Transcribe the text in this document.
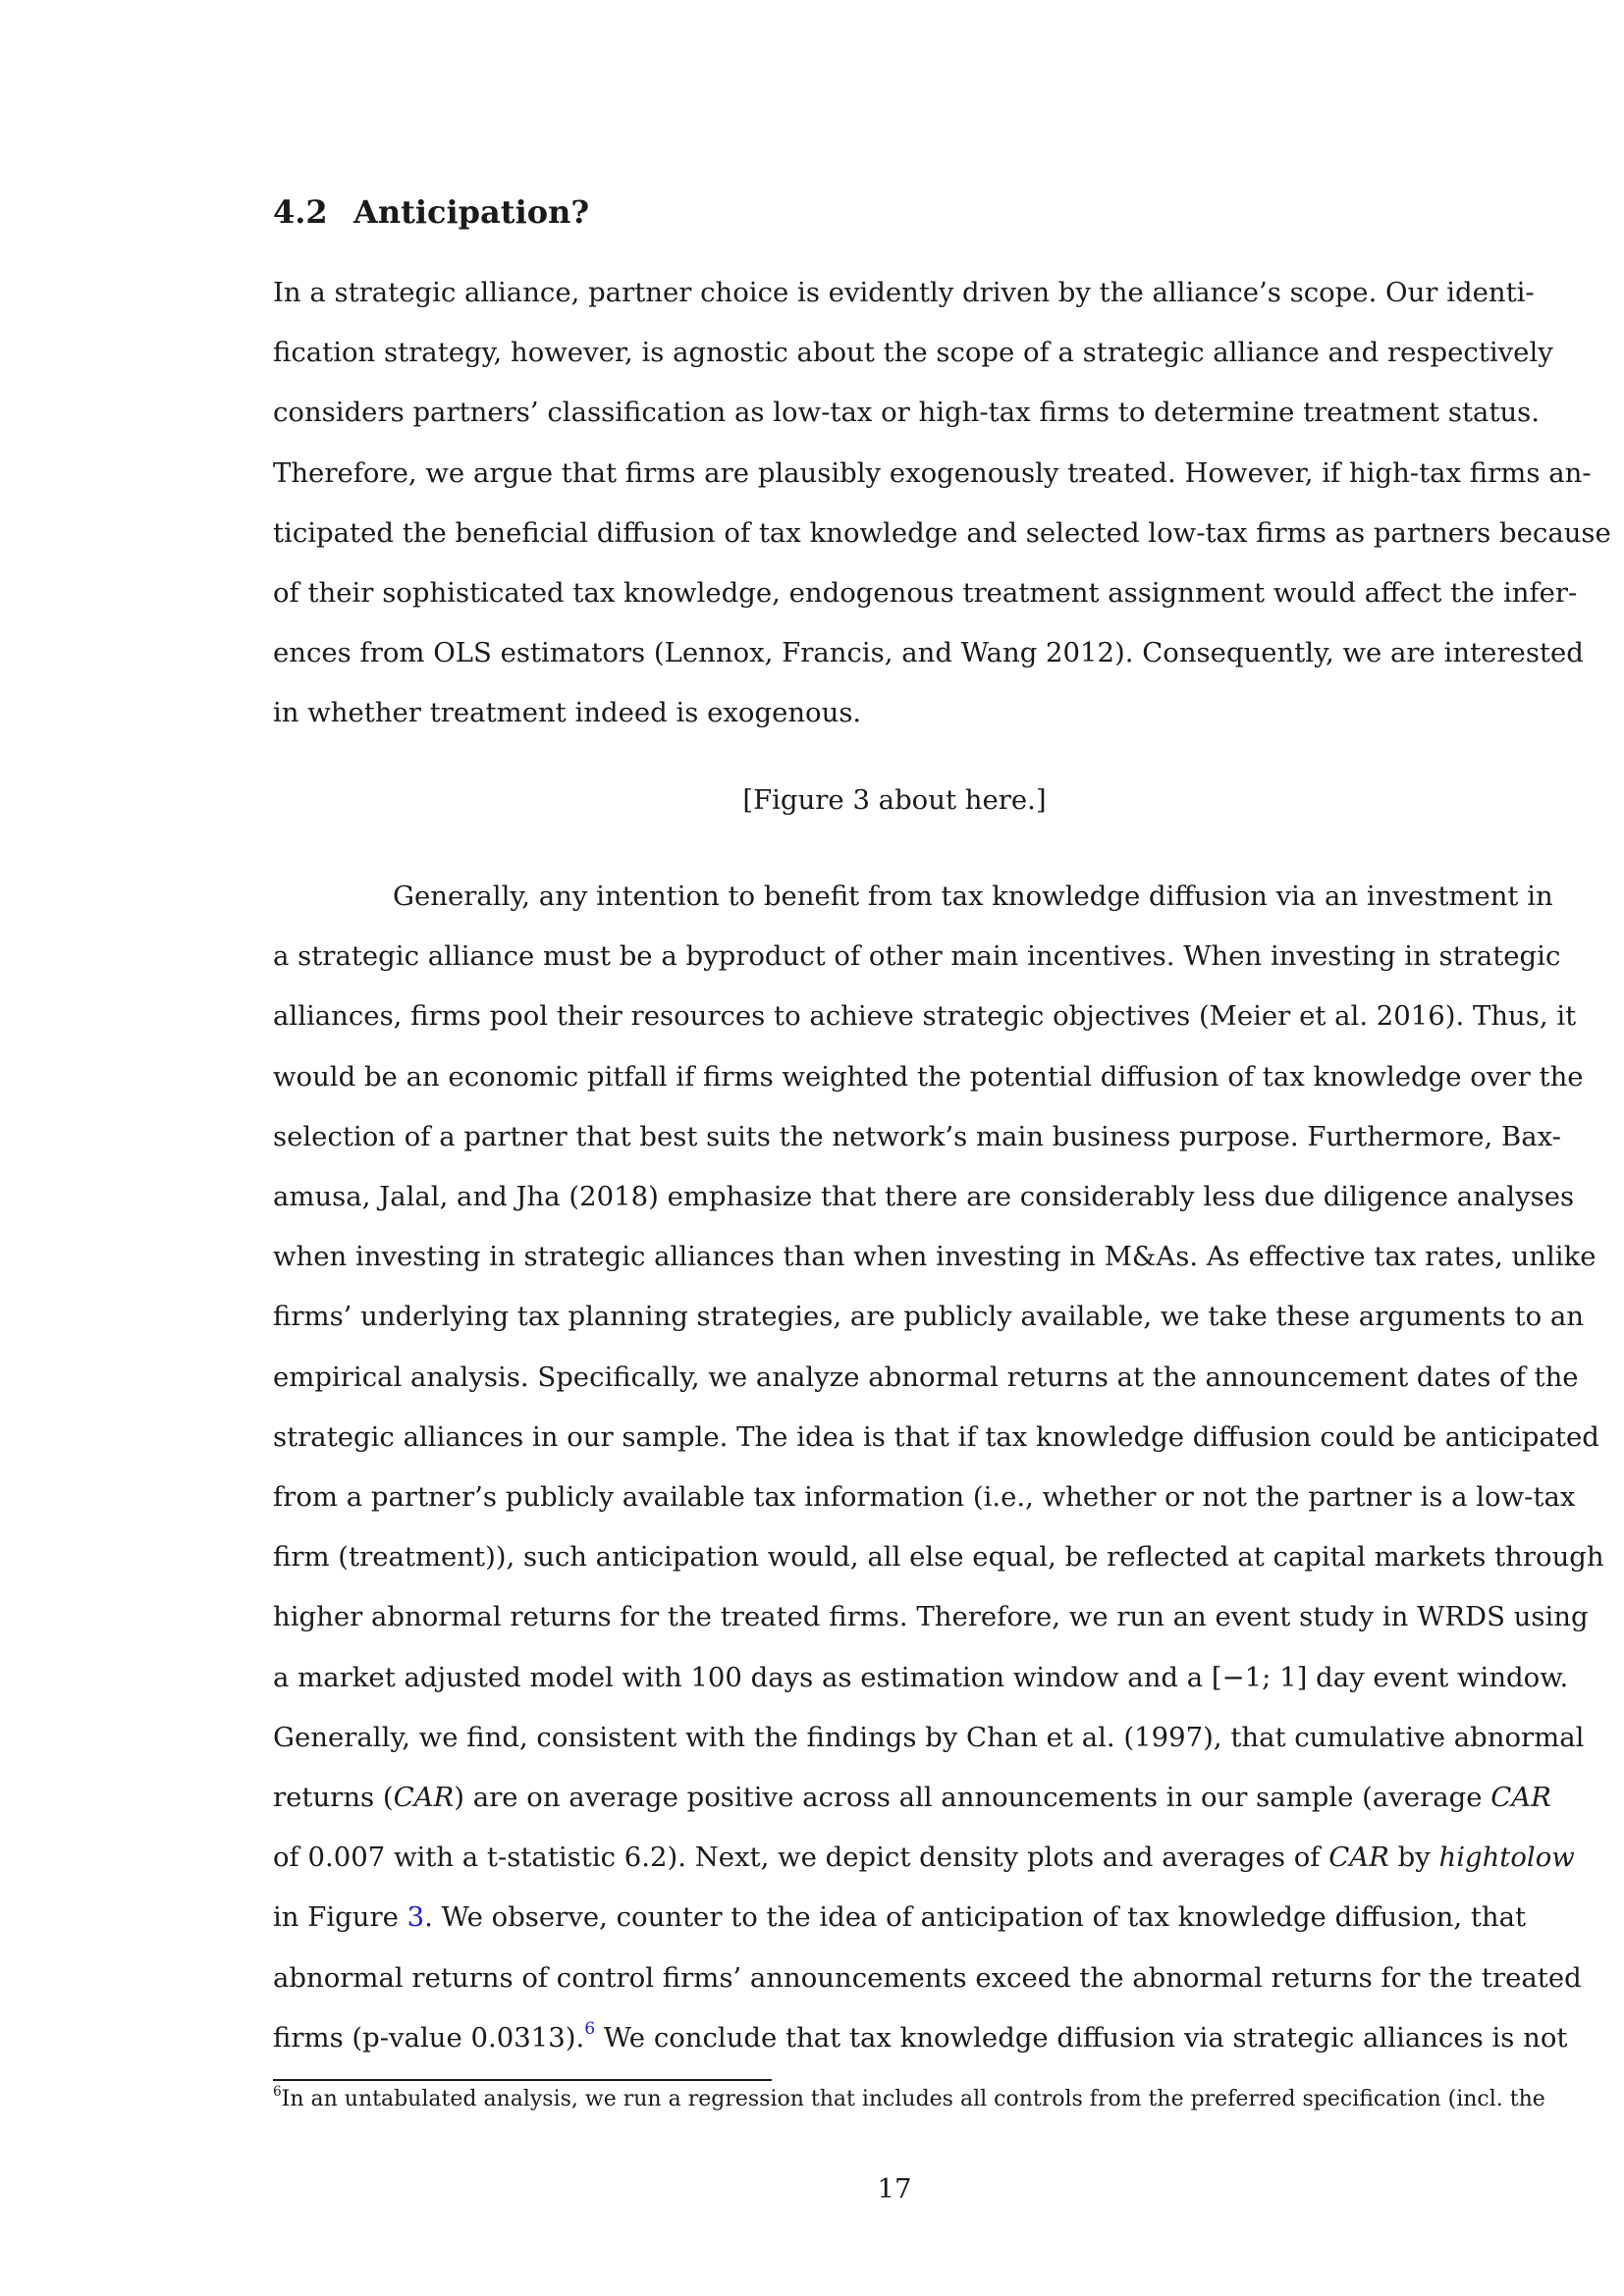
4.2 Anticipation?

In a strategic alliance, partner choice is evidently driven by the alliance’s scope. Our identi-
fication strategy, however, is agnostic about the scope of a strategic alliance and respectively
considers partners’ classification as low-tax or high-tax firms to determine treatment status.
Therefore, we argue that firms are plausibly exogenously treated. However, if high-tax firms an-
ticipated the beneficial diffusion of tax knowledge and selected low-tax firms as partners because
of their sophisticated tax knowledge, endogenous treatment assignment would affect the infer-
ences from OLS estimators (Lennox, Francis, and Wang 2012). Consequently, we are interested
in whether treatment indeed is exogenous.

[Figure 3 about here.]

Generally, any intention to benefit from tax knowledge diffusion via an investment in
a strategic alliance must be a byproduct of other main incentives. When investing in strategic
alliances, firms pool their resources to achieve strategic objectives (Meier et al. 2016). Thus, it
would be an economic pitfall if firms weighted the potential diffusion of tax knowledge over the
selection of a partner that best suits the network’s main business purpose. Furthermore, Bax-
amusa, Jalal, and Jha (2018) emphasize that there are considerably less due diligence analyses
when investing in strategic alliances than when investing in M&As. As effective tax rates, unlike
firms’ underlying tax planning strategies, are publicly available, we take these arguments to an
empirical analysis. Specifically, we analyze abnormal returns at the announcement dates of the
strategic alliances in our sample. The idea is that if tax knowledge diffusion could be anticipated
from a partner’s publicly available tax information (i.e., whether or not the partner is a low-tax
firm (treatment)), such anticipation would, all else equal, be reflected at capital markets through
higher abnormal returns for the treated firms. Therefore, we run an event study in WRDS using
a market adjusted model with 100 days as estimation window and a [−1; 1] day event window.
Generally, we find, consistent with the findings by Chan et al. (1997), that cumulative abnormal
returns (CAR) are on average positive across all announcements in our sample (average CAR
of 0.007 with a t-statistic 6.2). Next, we depict density plots and averages of CAR by hightolow
in Figure 3. We observe, counter to the idea of anticipation of tax knowledge diffusion, that
abnormal returns of control firms’ announcements exceed the abnormal returns for the treated
firms (p-value 0.0313).$^6$ We conclude that tax knowledge diffusion via strategic alliances is not

$^6$In an untabulated analysis, we run a regression that includes all controls from the preferred specification (incl. the
17
